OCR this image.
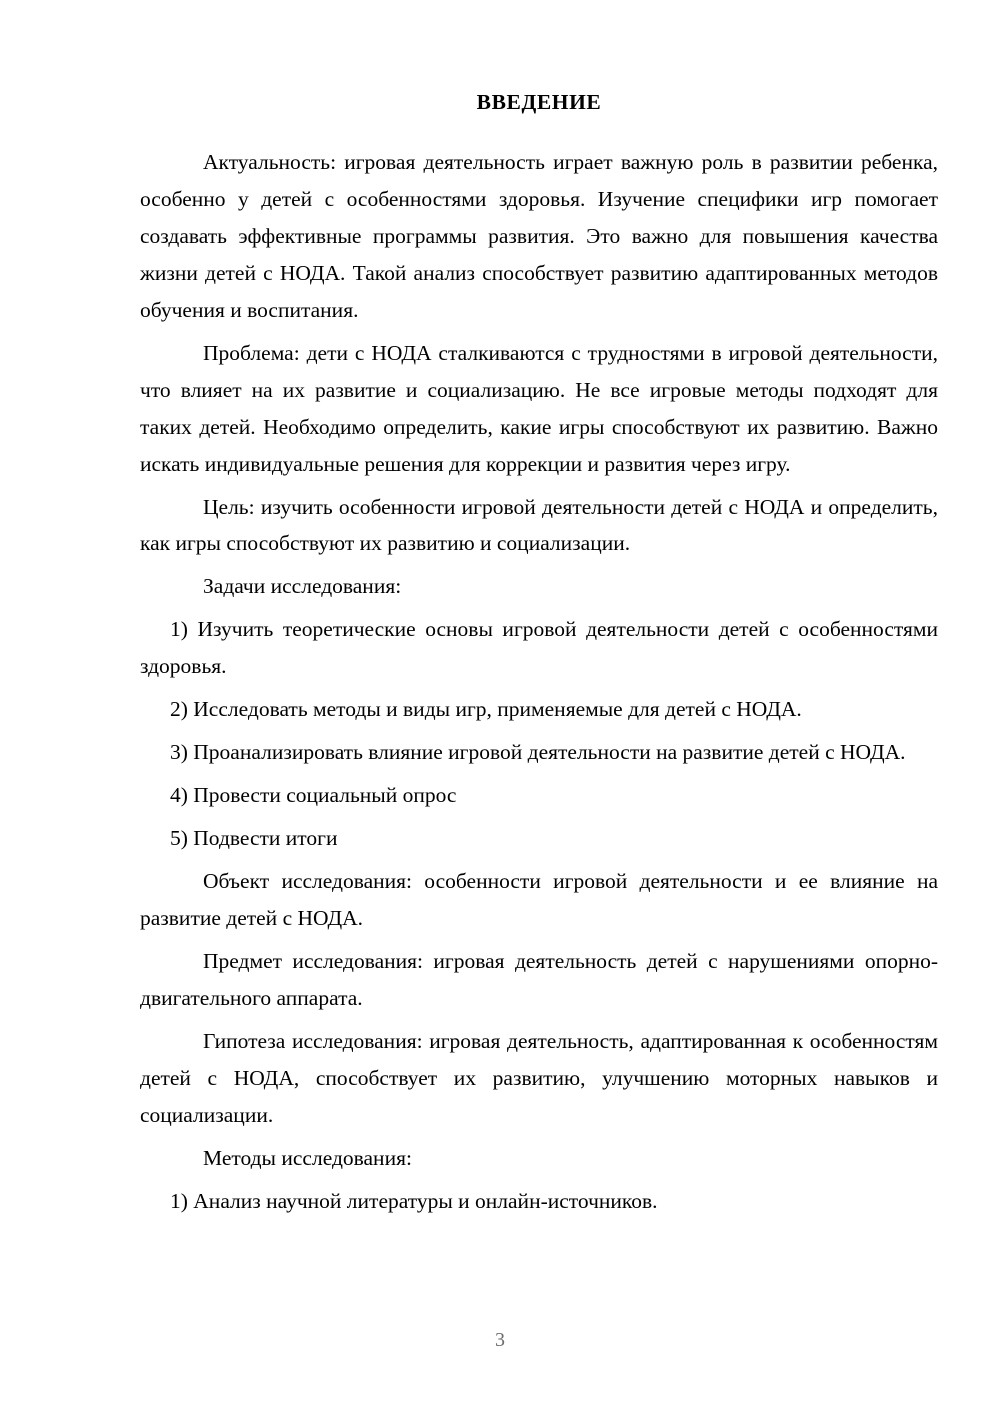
ВВЕДЕНИЕ

Актуальность: игровая деятельность играет важную роль в развитии ребенка, особенно у детей с особенностями здоровья. Изучение специфики игр помогает создавать эффективные программы развития. Это важно для повышения качества жизни детей с НОДА. Такой анализ способствует развитию адаптированных методов обучения и воспитания.

Проблема: дети с НОДА сталкиваются с трудностями в игровой деятельности, что влияет на их развитие и социализацию. Не все игровые методы подходят для таких детей. Необходимо определить, какие игры способствуют их развитию. Важно искать индивидуальные решения для коррекции и развития через игру.

Цель: изучить особенности игровой деятельности детей с НОДА и определить, как игры способствуют их развитию и социализации.

Задачи исследования:

1) Изучить теоретические основы игровой деятельности детей с особенностями здоровья.

2) Исследовать методы и виды игр, применяемые для детей с НОДА.

3) Проанализировать влияние игровой деятельности на развитие детей с НОДА.

4) Провести социальный опрос

5) Подвести итоги

Объект исследования: особенности игровой деятельности и ее влияние на развитие детей с НОДА.

Предмет исследования: игровая деятельность детей с нарушениями опорно-двигательного аппарата.

Гипотеза исследования: игровая деятельность, адаптированная к особенностям детей с НОДА, способствует их развитию, улучшению моторных навыков и социализации.

Методы исследования:

1) Анализ научной литературы и онлайн-источников.

3
